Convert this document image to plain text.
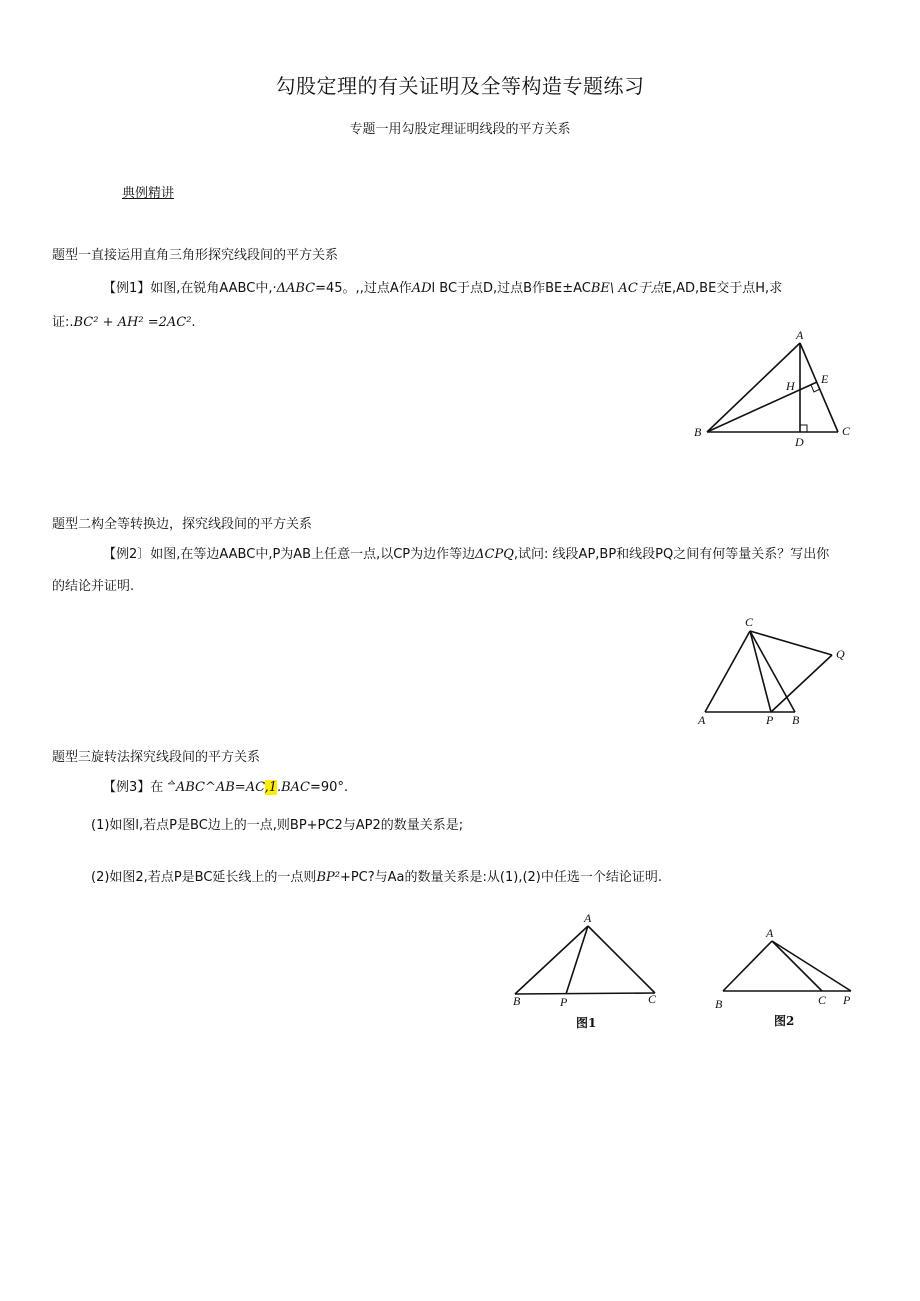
勾股定理的有关证明及全等构造专题练习
专题一用勾股定理证明线段的平方关系
典例精讲
题型一直接运用直角三角形探究线段间的平方关系
【例1】如图,在锐角AABC中,·ΔABC=45。,,过点A作ADl BC于点D,过点B作BE±ACBE\ AC于点E,AD,BE交于点H,求
证:.BC² + AH² =2AC².
A
H E
B
D
C
题型二构全等转换边，探究线段间的平方关系
【例2〕如图,在等边AABC中,P为AB上任意一点,以CP为边作等边ΔCPQ,试问: 线段AP,BP和线段PQ之间有何等量关系？写出你
的结论并证明.
C
Q
A	P B
题型三旋转法探究线段间的平方关系
【例3】在ᅀABC^AB=AC,1.BAC=90°.
(1)如图l,若点P是BC边上的一点,则BP+PC2与AP2的数量关系是;
(2)如图2,若点P是BC延长线上的一点则BP²+PC?与Aa的数量关系是:从(1),(2)中任选一个结论证明.
A
B	P	C
图1
A
B	C P
图2
